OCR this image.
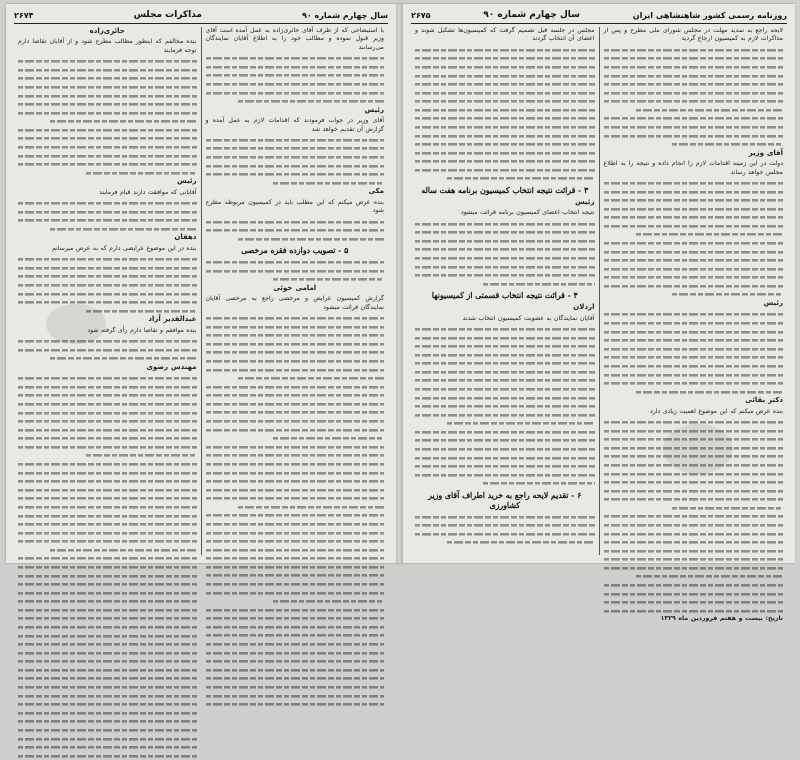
سال چهارم شماره ۹۰
مذاکرات مجلس
۲۶۷۴

با استیضاحی که از طرف آقای حائری‌زاده به عمل آمده است آقای وزیر قبول نموده و مطالب خود را به اطلاع آقایان نمایندگان می‌رسانند

رئیس

آقای وزیر در جواب فرمودند که اقدامات لازم به عمل آمده و گزارش آن تقدیم خواهد شد

مکی

بنده عرض میکنم که این مطلب باید در کمیسیون مربوطه مطرح شود

۵ - تصویب دوازده فقره مرخصی

امامی خوئی

گزارش کمیسیون عرایض و مرخصی راجع به مرخصی آقایان نمایندگان قرائت میشود

حائری‌زاده

بنده مخالفم که اینطور مطالب مطرح شود و از آقایان تقاضا دارم توجه فرمایند

رئیس

آقایانی که موافقت دارند قیام فرمایند

دهقان

بنده در این موضوع عرایضی دارم که به عرض میرسانم

عبدالقدیر آزاد

بنده موافقم و تقاضا دارم رأی گرفته شود

مهندس رضوی

روزنامه رسمی کشور شاهنشاهی ایران
سال چهارم شماره ۹۰
۲۶۷۵

لایحه راجع به تمدید مهلت در مجلس شورای ملی مطرح و پس از مذاکرات لازم به کمیسیون ارجاع گردید

آقای وزیر

دولت در این زمینه اقدامات لازم را انجام داده و نتیجه را به اطلاع مجلس خواهد رساند

رئیس

دکتر بقائی

بنده عرض میکنم که این موضوع اهمیت زیادی دارد

تاریخ: بیست و هفتم فروردین ماه ۱۳۲۹

مجلس در جلسه قبل تصمیم گرفت که کمیسیون‌ها تشکیل شوند و اعضای آن انتخاب گردند

۳ - قرائت نتیجه انتخاب کمیسیون برنامه هفت ساله

رئیس

نتیجه انتخاب اعضای کمیسیون برنامه قرائت میشود

۴ - قرائت نتیجه انتخاب قسمتی از کمیسیونها

اردلان

آقایان نمایندگان به عضویت کمیسیون انتخاب شدند

۶ - تقدیم لایحه راجع به خرید اطراف آقای وزیر کشاورزی
